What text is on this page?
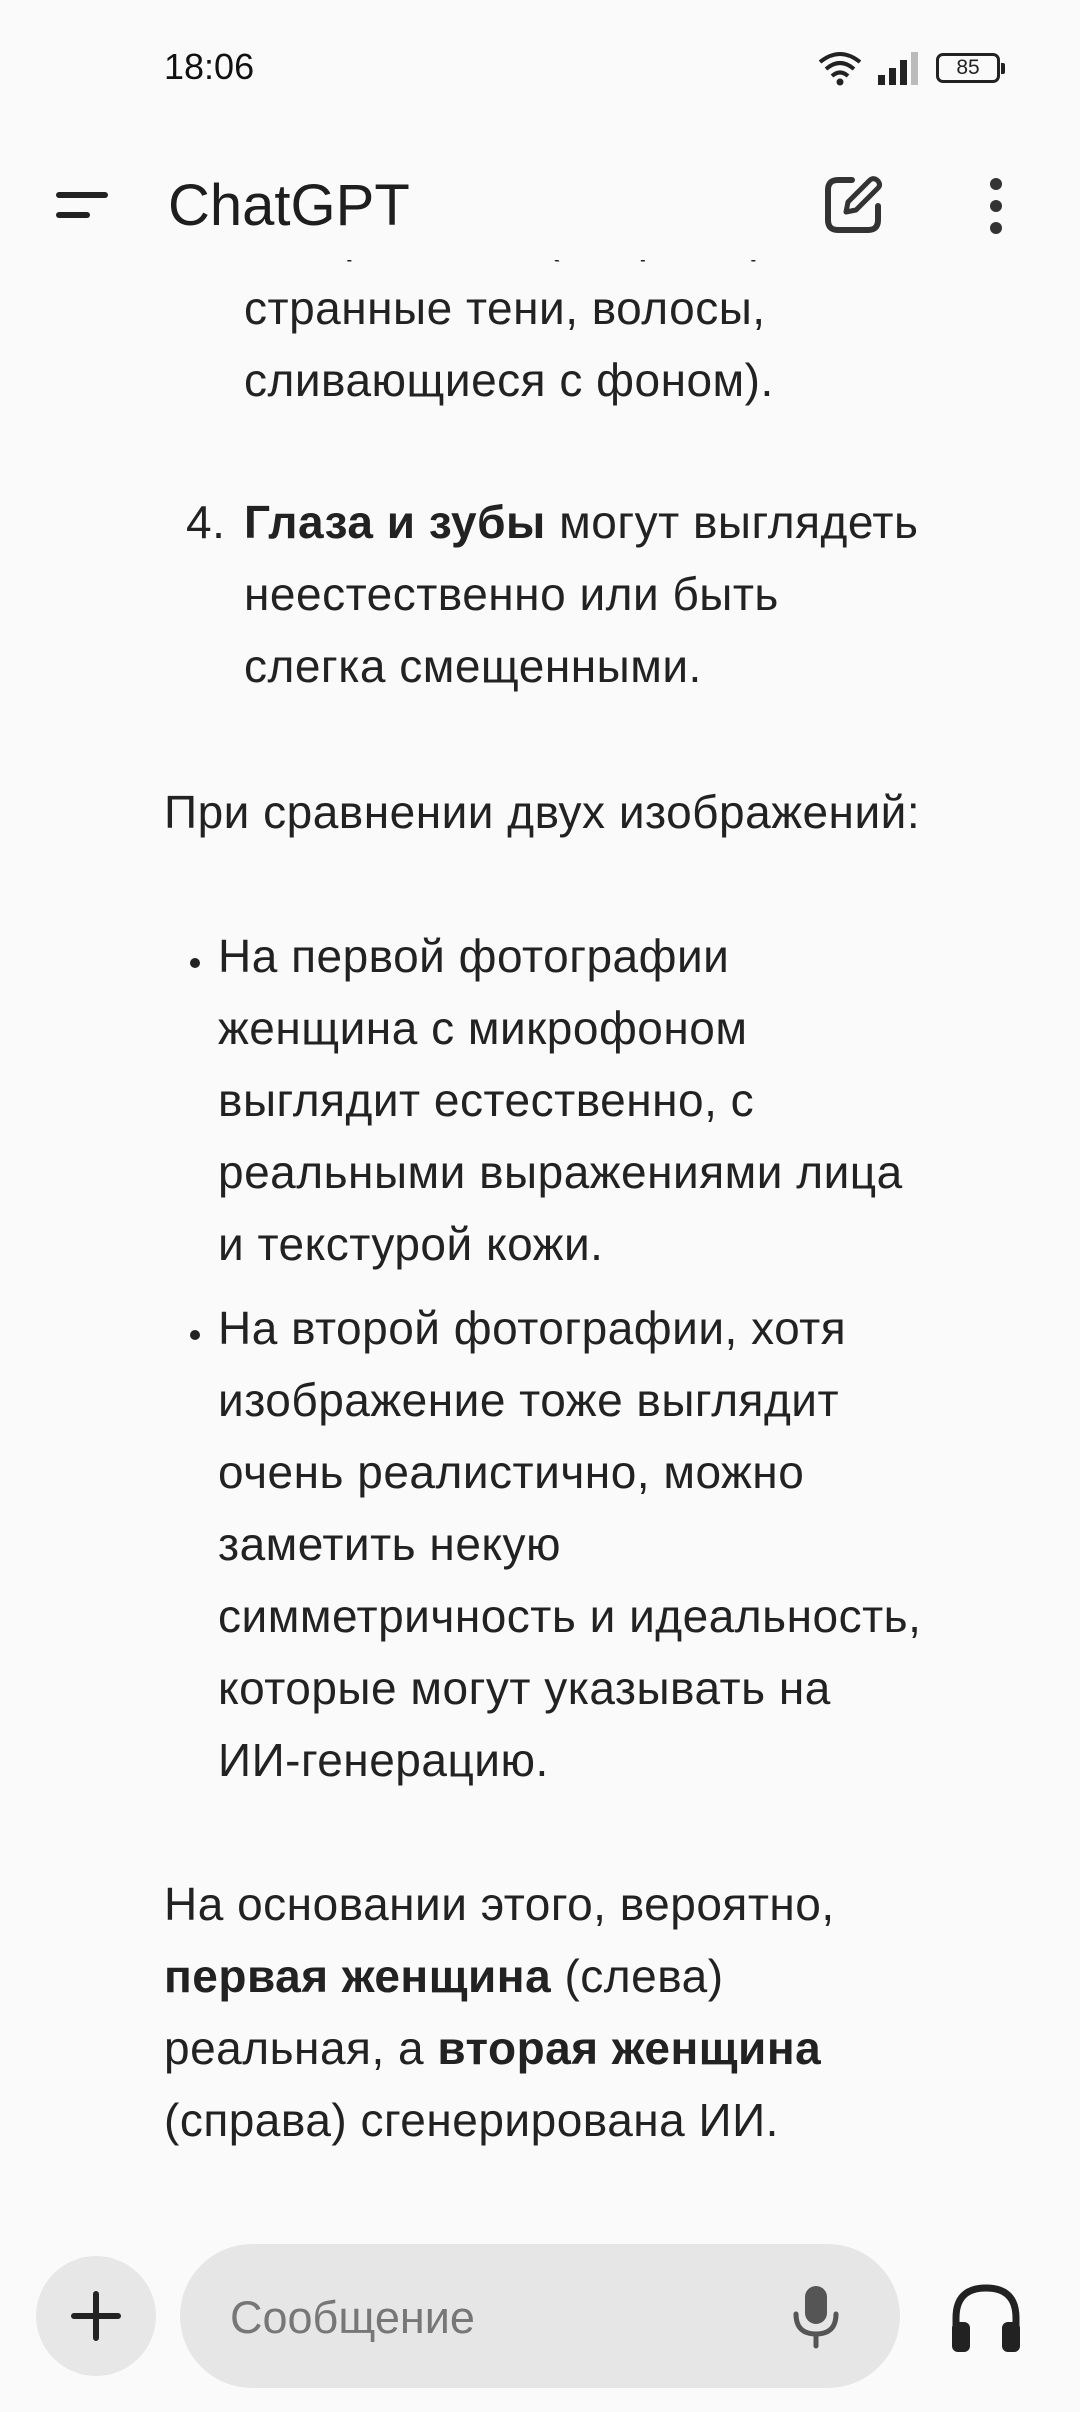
18:06	85
ChatGPT
странные тени, волосы,
сливающиеся с фоном).
4. Глаза и зубы могут выглядеть
неестественно или быть
слегка смещенными.
При сравнении двух изображений:
На первой фотографии
женщина с микрофоном
выглядит естественно, с
реальными выражениями лица
и текстурой кожи.
На второй фотографии, хотя
изображение тоже выглядит
очень реалистично, можно
заметить некую
симметричность и идеальность,
которые могут указывать на
ИИ-генерацию.
На основании этого, вероятно,
первая женщина (слева)
реальная, а вторая женщина
(справа) сгенерирована ИИ.
Сообщение
